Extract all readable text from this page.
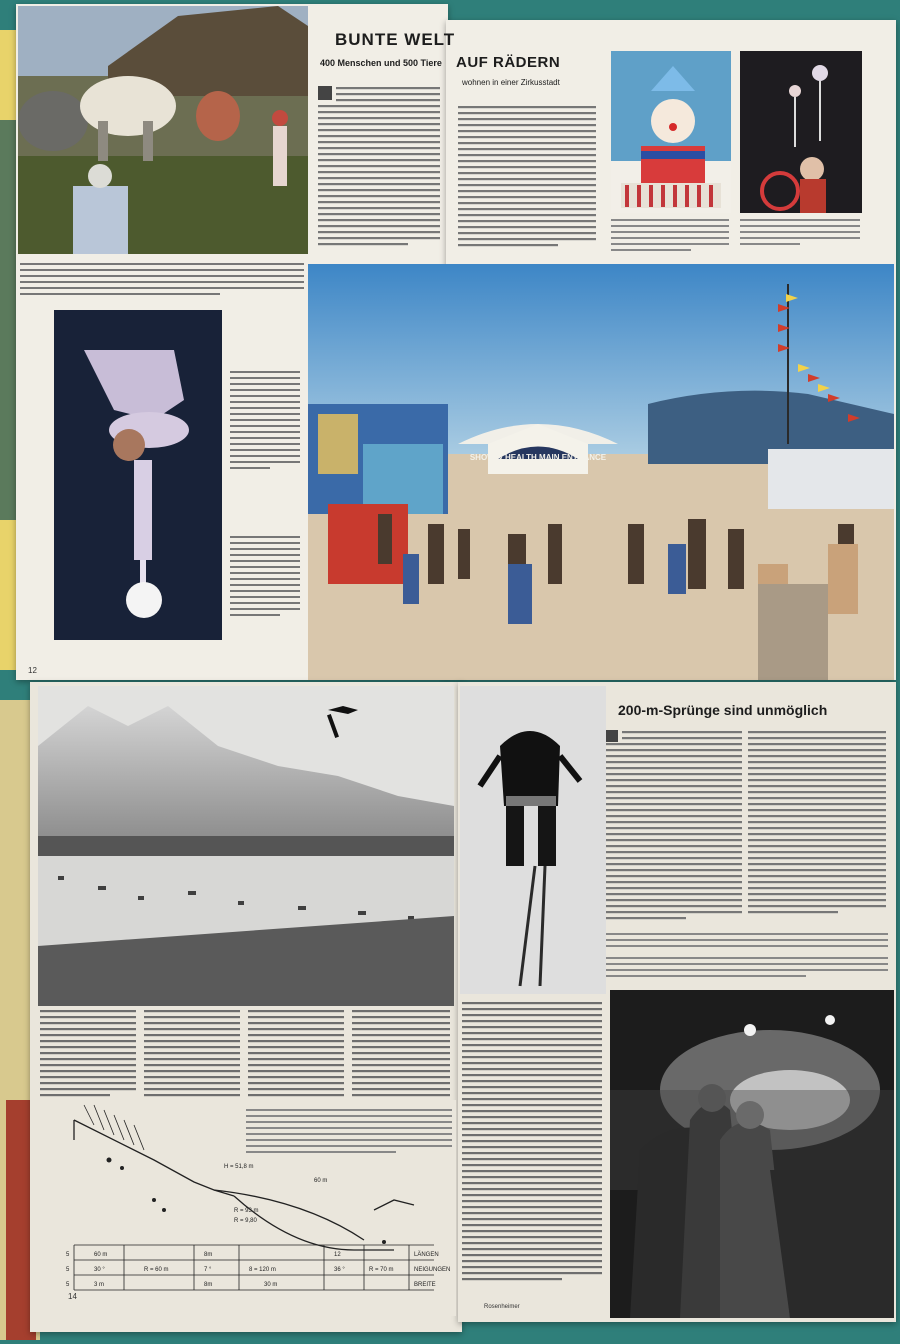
BUNTE WELT
400 Menschen und 500 Tiere AUF RÄDERN
wohnen in einer Zirkusstadt
SHOW & HEALTH MAIN ENTRANCE
12
200-m-Sprünge sind unmöglich
H = 51,8 m
60 m
R = 93 m
R = 9,80
5	60 m	8m	12	LÄNGEN
5	30 °	R = 60 m	7 °	8 = 120 m	36 °	R = 70 m	NEIGUNGEN
5	3 m	8m	30 m	BREITE
14
Rosenheimer
